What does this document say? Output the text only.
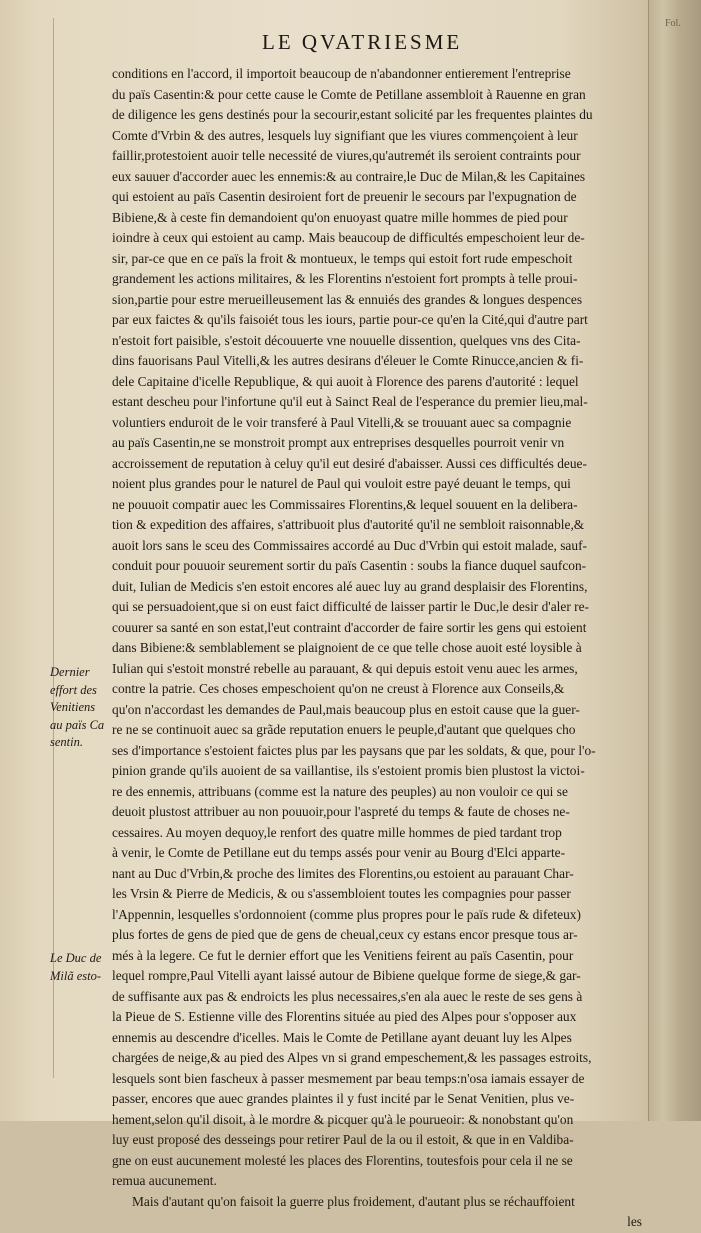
Fol.
LE QVATRIESME
conditions en l'accord, il importoit beaucoup de n'abandonner entierement l'entreprise
du païs Casentin:& pour cette cause le Comte de Petillane assembloit à Rauenne en gran
de diligence les gens destinés pour la secourir,estant solicité par les frequentes plaintes du
Comte d'Vrbin & des autres, lesquels luy signifiant que les viures commençoient à leur
faillir,protestoient auoir telle necessité de viures,qu'autremét ils seroient contraints pour
eux sauuer d'accorder auec les ennemis:& au contraire,le Duc de Milan,& les Capitaines
qui estoient au païs Casentin desiroient fort de preuenir le secours par l'expugnation de
Bibiene,& à ceste fin demandoient qu'on enuoyast quatre mille hommes de pied pour
ioindre à ceux qui estoient au camp. Mais beaucoup de difficultés empeschoient leur de-
sir, par-ce que en ce païs la froit & montueux, le temps qui estoit fort rude empeschoit
grandement les actions militaires, & les Florentins n'estoient fort prompts à telle proui-
sion,partie pour estre merueilleusement las & ennuiés des grandes & longues despences
par eux faictes & qu'ils faisoiét tous les iours, partie pour-ce qu'en la Cité,qui d'autre part
n'estoit fort paisible, s'estoit découuerte vne nouuelle dissention, quelques vns des Cita-
dins fauorisans Paul Vitelli,& les autres desirans d'éleuer le Comte Rinucce,ancien & fi-
dele Capitaine d'icelle Republique, & qui auoit à Florence des parens d'autorité : lequel
estant descheu pour l'infortune qu'il eut à Sainct Real de l'esperance du premier lieu,mal-
voluntiers enduroit de le voir transferé à Paul Vitelli,& se trouuant auec sa compagnie
au païs Casentin,ne se monstroit prompt aux entreprises desquelles pourroit venir vn
accroissement de reputation à celuy qu'il eut desiré d'abaisser. Aussi ces difficultés deue-
noient plus grandes pour le naturel de Paul qui vouloit estre payé deuant le temps, qui
ne pouuoit compatir auec les Commissaires Florentins,& lequel souuent en la delibera-
tion & expedition des affaires, s'attribuoit plus d'autorité qu'il ne sembloit raisonnable,&
auoit lors sans le sceu des Commissaires accordé au Duc d'Vrbin qui estoit malade, sauf-
conduit pour pouuoir seurement sortir du païs Casentin : soubs la fiance duquel saufcon-
duit, Iulian de Medicis s'en estoit encores alé auec luy au grand desplaisir des Florentins,
qui se persuadoient,que si on eust faict difficulté de laisser partir le Duc,le desir d'aler re-
couurer sa santé en son estat,l'eut contraint d'accorder de faire sortir les gens qui estoient
dans Bibiene:& semblablement se plaignoient de ce que telle chose auoit esté loysible à
Iulian qui s'estoit monstré rebelle au parauant, & qui depuis estoit venu auec les armes,
contre la patrie. Ces choses empeschoient qu'on ne creust à Florence aux Conseils,&
qu'on n'accordast les demandes de Paul,mais beaucoup plus en estoit cause que la guer-
re ne se continuoit auec sa grãde reputation enuers le peuple,d'autant que quelques cho
ses d'importance s'estoient faictes plus par les paysans que par les soldats, & que, pour l'o-
pinion grande qu'ils auoient de sa vaillantise, ils s'estoient promis bien plustost la victoi-
re des ennemis, attribuans (comme est la nature des peuples) au non vouloir ce qui se
deuoit plustost attribuer au non pouuoir,pour l'aspreté du temps & faute de choses ne-
cessaires. Au moyen dequoy,le renfort des quatre mille hommes de pied tardant trop
à venir, le Comte de Petillane eut du temps assés pour venir au Bourg d'Elci apparte-
nant au Duc d'Vrbin,& proche des limites des Florentins,ou estoient au parauant Char-
les Vrsin & Pierre de Medicis, & ou s'assembloient toutes les compagnies pour passer
l'Appennin, lesquelles s'ordonnoient (comme plus propres pour le païs rude & difeteux)
plus fortes de gens de pied que de gens de cheual,ceux cy estans encor presque tous ar-
més à la legere. Ce fut le dernier effort que les Venitiens feirent au païs Casentin, pour
lequel rompre,Paul Vitelli ayant laissé autour de Bibiene quelque forme de siege,& gar-
de suffisante aux pas & endroicts les plus necessaires,s'en ala auec le reste de ses gens à
la Pieue de S. Estienne ville des Florentins située au pied des Alpes pour s'opposer aux
ennemis au descendre d'icelles. Mais le Comte de Petillane ayant deuant luy les Alpes
chargées de neige,& au pied des Alpes vn si grand empeschement,& les passages estroits,
lesquels sont bien fascheux à passer mesmement par beau temps:n'osa iamais essayer de
passer, encores que auec grandes plaintes il y fust incité par le Senat Venitien, plus ve-
hement,selon qu'il disoit, à le mordre & picquer qu'à le pourueoir: & nonobstant qu'on
luy eust proposé des desseings pour retirer Paul de la ou il estoit, & que in en Valdiba-
gne on eust aucunement molesté les places des Florentins, toutesfois pour cela il ne se
remua aucunement.
Mais d'autant qu'on faisoit la guerre plus froidement, d'autant plus se réchauffoient
les
Dernier
effort des
Venitiens
au païs Ca
sentin.
Le Duc de
Milã esto-
